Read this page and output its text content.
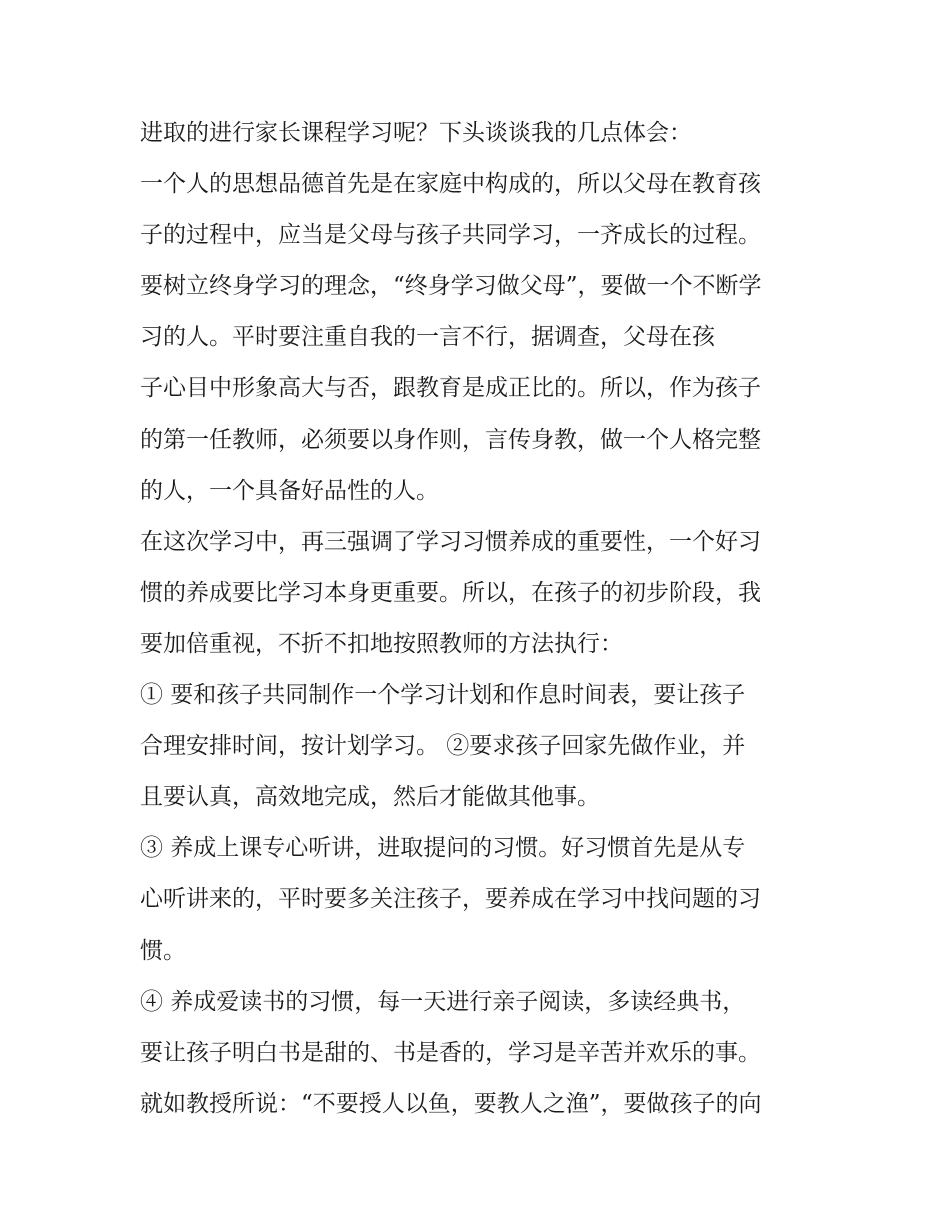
进取的进行家长课程学习呢？下头谈谈我的几点体会：
一个人的思想品德首先是在家庭中构成的，所以父母在教育孩
子的过程中，应当是父母与孩子共同学习，一齐成长的过程。
要树立终身学习的理念，“终身学习做父母”，要做一个不断学
习的人。平时要注重自我的一言不行，据调查，父母在孩
子心目中形象高大与否，跟教育是成正比的。所以，作为孩子
的第一任教师，必须要以身作则，言传身教，做一个人格完整
的人，一个具备好品性的人。
在这次学习中，再三强调了学习习惯养成的重要性，一个好习
惯的养成要比学习本身更重要。所以，在孩子的初步阶段，我
要加倍重视，不折不扣地按照教师的方法执行：
① 要和孩子共同制作一个学习计划和作息时间表，要让孩子
合理安排时间，按计划学习。 ②要求孩子回家先做作业，并
且要认真，高效地完成，然后才能做其他事。
③ 养成上课专心听讲，进取提问的习惯。好习惯首先是从专
心听讲来的，平时要多关注孩子，要养成在学习中找问题的习
惯。
④ 养成爱读书的习惯，每一天进行亲子阅读，多读经典书，
要让孩子明白书是甜的、书是香的，学习是辛苦并欢乐的事。
就如教授所说：“不要授人以鱼，要教人之渔”，要做孩子的向
